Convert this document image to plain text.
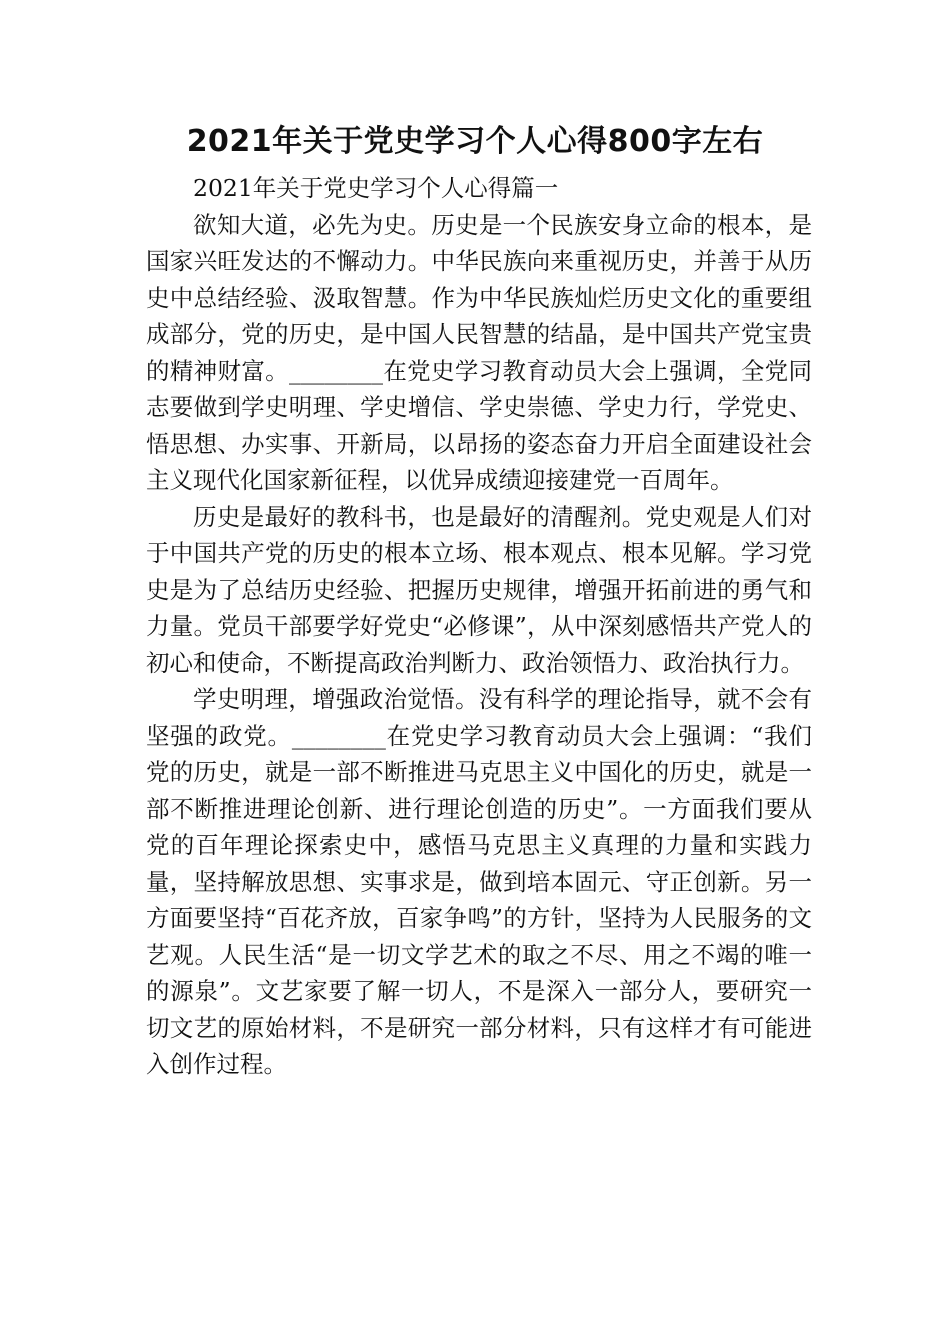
2021年关于党史学习个人心得800字左右

2021年关于党史学习个人心得篇一

欲知大道，必先为史。历史是一个民族安身立命的根本，是国家兴旺发达的不懈动力。中华民族向来重视历史，并善于从历史中总结经验、汲取智慧。作为中华民族灿烂历史文化的重要组成部分，党的历史，是中国人民智慧的结晶，是中国共产党宝贵的精神财富。________在党史学习教育动员大会上强调，全党同志要做到学史明理、学史增信、学史崇德、学史力行，学党史、悟思想、办实事、开新局，以昂扬的姿态奋力开启全面建设社会主义现代化国家新征程，以优异成绩迎接建党一百周年。

历史是最好的教科书，也是最好的清醒剂。党史观是人们对于中国共产党的历史的根本立场、根本观点、根本见解。学习党史是为了总结历史经验、把握历史规律，增强开拓前进的勇气和力量。党员干部要学好党史“必修课”，从中深刻感悟共产党人的初心和使命，不断提高政治判断力、政治领悟力、政治执行力。

学史明理，增强政治觉悟。没有科学的理论指导，就不会有坚强的政党。________在党史学习教育动员大会上强调：“我们党的历史，就是一部不断推进马克思主义中国化的历史，就是一部不断推进理论创新、进行理论创造的历史”。一方面我们要从党的百年理论探索史中，感悟马克思主义真理的力量和实践力量，坚持解放思想、实事求是，做到培本固元、守正创新。另一方面要坚持“百花齐放，百家争鸣”的方针，坚持为人民服务的文艺观。人民生活“是一切文学艺术的取之不尽、用之不竭的唯一的源泉”。文艺家要了解一切人，不是深入一部分人，要研究一切文艺的原始材料，不是研究一部分材料，只有这样才有可能进入创作过程。
